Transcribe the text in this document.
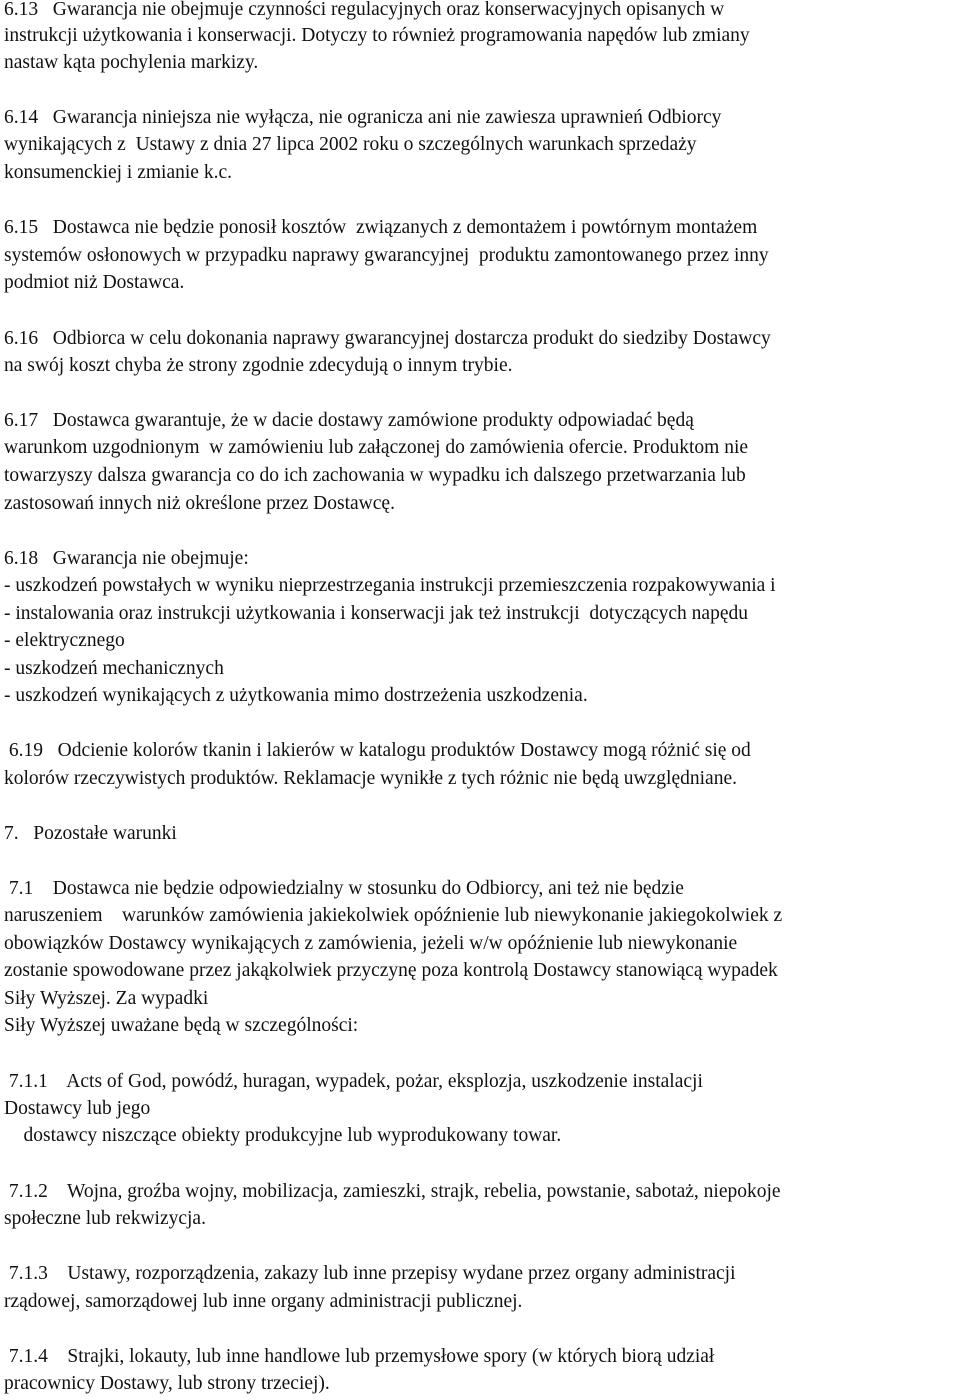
6.13   Gwarancja nie obejmuje czynności regulacyjnych oraz konserwacyjnych opisanych w
instrukcji użytkowania i konserwacji. Dotyczy to również programowania napędów lub zmiany
nastaw kąta pochylenia markizy.
6.14   Gwarancja niniejsza nie wyłącza, nie ogranicza ani nie zawiesza uprawnień Odbiorcy
wynikających z  Ustawy z dnia 27 lipca 2002 roku o szczególnych warunkach sprzedaży
konsumenckiej i zmianie k.c.
6.15   Dostawca nie będzie ponosił kosztów  związanych z demontażem i powtórnym montażem
systemów osłonowych w przypadku naprawy gwarancyjnej  produktu zamontowanego przez inny
podmiot niż Dostawca.
6.16   Odbiorca w celu dokonania naprawy gwarancyjnej dostarcza produkt do siedziby Dostawcy
na swój koszt chyba że strony zgodnie zdecydują o innym trybie.
6.17   Dostawca gwarantuje, że w dacie dostawy zamówione produkty odpowiadać będą
warunkom uzgodnionym  w zamówieniu lub załączonej do zamówienia ofercie. Produktom nie
towarzyszy dalsza gwarancja co do ich zachowania w wypadku ich dalszego przetwarzania lub
zastosowań innych niż określone przez Dostawcę.
6.18   Gwarancja nie obejmuje:
- uszkodzeń powstałych w wyniku nieprzestrzegania instrukcji przemieszczenia rozpakowywania i
- instalowania oraz instrukcji użytkowania i konserwacji jak też instrukcji  dotyczących napędu
- elektrycznego
- uszkodzeń mechanicznych
- uszkodzeń wynikających z użytkowania mimo dostrzeżenia uszkodzenia.
6.19   Odcienie kolorów tkanin i lakierów w katalogu produktów Dostawcy mogą różnić się od
kolorów rzeczywistych produktów. Reklamacje wynikłe z tych różnic nie będą uwzględniane.
7.   Pozostałe warunki
7.1    Dostawca nie będzie odpowiedzialny w stosunku do Odbiorcy, ani też nie będzie
naruszeniem    warunków zamówienia jakiekolwiek opóźnienie lub niewykonanie jakiegokolwiek z
obowiązków Dostawcy wynikających z zamówienia, jeżeli w/w opóźnienie lub niewykonanie
zostanie spowodowane przez jakąkolwiek przyczynę poza kontrolą Dostawcy stanowiącą wypadek
Siły Wyższej. Za wypadki
Siły Wyższej uważane będą w szczególności:
7.1.1    Acts of God, powódź, huragan, wypadek, pożar, eksplozja, uszkodzenie instalacji
Dostawcy lub jego
dostawcy niszczące obiekty produkcyjne lub wyprodukowany towar.
7.1.2    Wojna, groźba wojny, mobilizacja, zamieszki, strajk, rebelia, powstanie, sabotaż, niepokoje
społeczne lub rekwizycja.
7.1.3    Ustawy, rozporządzenia, zakazy lub inne przepisy wydane przez organy administracji
rządowej, samorządowej lub inne organy administracji publicznej.
7.1.4    Strajki, lokauty, lub inne handlowe lub przemysłowe spory (w których biorą udział
pracownicy Dostawy, lub strony trzeciej).
